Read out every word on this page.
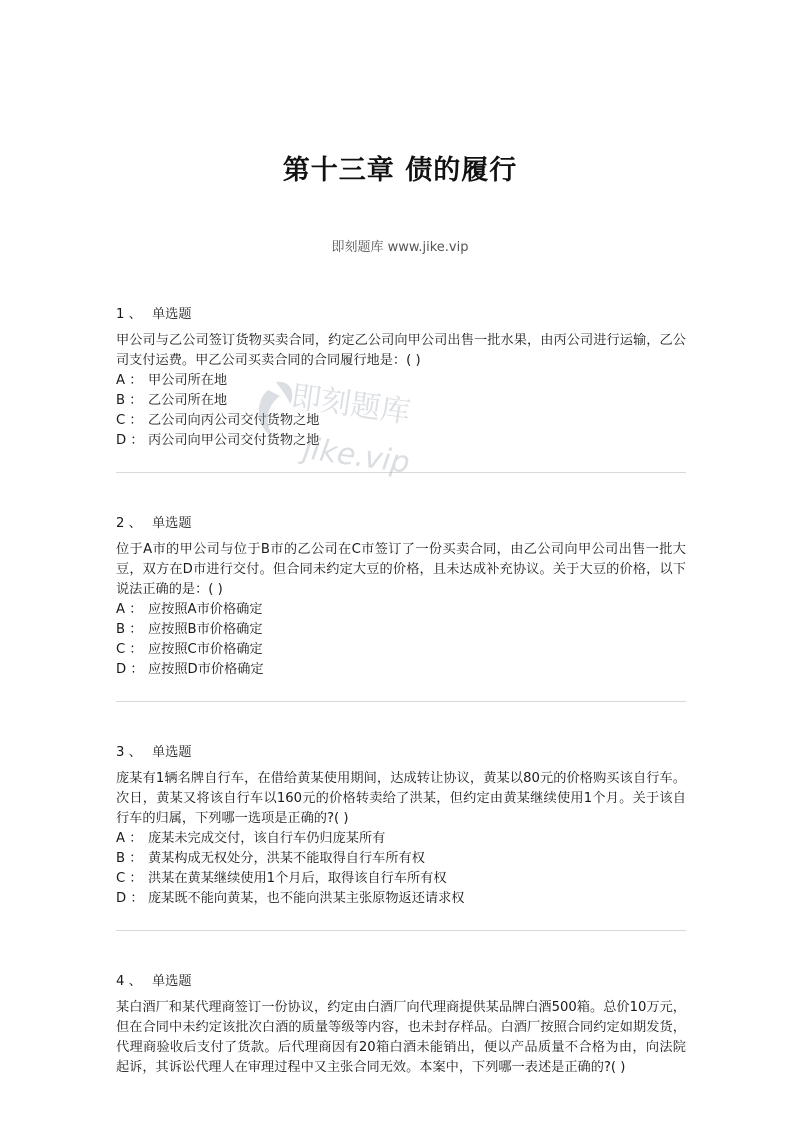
第十三章 债的履行
即刻题库 www.jike.vip
1 、 单选题
甲公司与乙公司签订货物买卖合同，约定乙公司向甲公司出售一批水果，由丙公司进行运输，乙公司支付运费。甲乙公司买卖合同的合同履行地是：( )
A ： 甲公司所在地
B ： 乙公司所在地
C ： 乙公司向丙公司交付货物之地
D ： 丙公司向甲公司交付货物之地
2 、 单选题
位于A市的甲公司与位于B市的乙公司在C市签订了一份买卖合同，由乙公司向甲公司出售一批大豆，双方在D市进行交付。但合同未约定大豆的价格，且未达成补充协议。关于大豆的价格，以下说法正确的是：( )
A ： 应按照A市价格确定
B ： 应按照B市价格确定
C ： 应按照C市价格确定
D ： 应按照D市价格确定
3 、 单选题
庞某有1辆名牌自行车，在借给黄某使用期间，达成转让协议，黄某以80元的价格购买该自行车。次日，黄某又将该自行车以160元的价格转卖给了洪某，但约定由黄某继续使用1个月。关于该自行车的归属，下列哪一选项是正确的?( )
A ： 庞某未完成交付，该自行车仍归庞某所有
B ： 黄某构成无权处分，洪某不能取得自行车所有权
C ： 洪某在黄某继续使用1个月后，取得该自行车所有权
D ： 庞某既不能向黄某，也不能向洪某主张原物返还请求权
4 、 单选题
某白酒厂和某代理商签订一份协议，约定由白酒厂向代理商提供某品牌白酒500箱。总价10万元，但在合同中未约定该批次白酒的质量等级等内容，也未封存样品。白酒厂按照合同约定如期发货，代理商验收后支付了货款。后代理商因有20箱白酒未能销出，便以产品质量不合格为由，向法院起诉，其诉讼代理人在审理过程中又主张合同无效。本案中，下列哪一表述是正确的?( )
即刻题库
jike.vip
